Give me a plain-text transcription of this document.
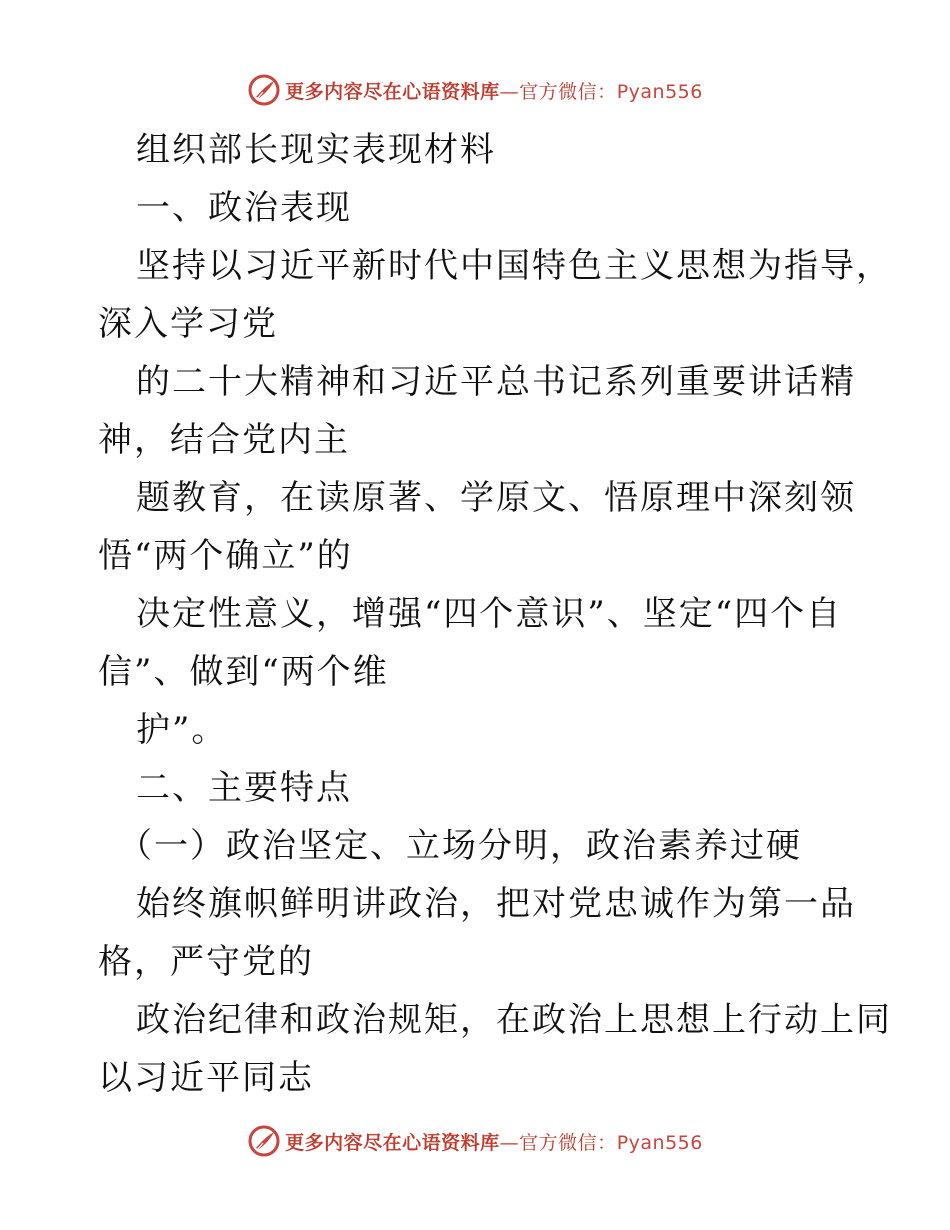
更多内容尽在心语资料库—官方微信：Pyan556
组织部长现实表现材料
一、政治表现
坚持以习近平新时代中国特色主义思想为指导，
深入学习党
的二十大精神和习近平总书记系列重要讲话精
神，结合党内主
题教育，在读原著、学原文、悟原理中深刻领
悟“两个确立”的
决定性意义，增强“四个意识”、坚定“四个自
信”、做到“两个维
护”。
二、主要特点
（一）政治坚定、立场分明，政治素养过硬
始终旗帜鲜明讲政治，把对党忠诚作为第一品
格，严守党的
政治纪律和政治规矩，在政治上思想上行动上同
以习近平同志
更多内容尽在心语资料库—官方微信：Pyan556
